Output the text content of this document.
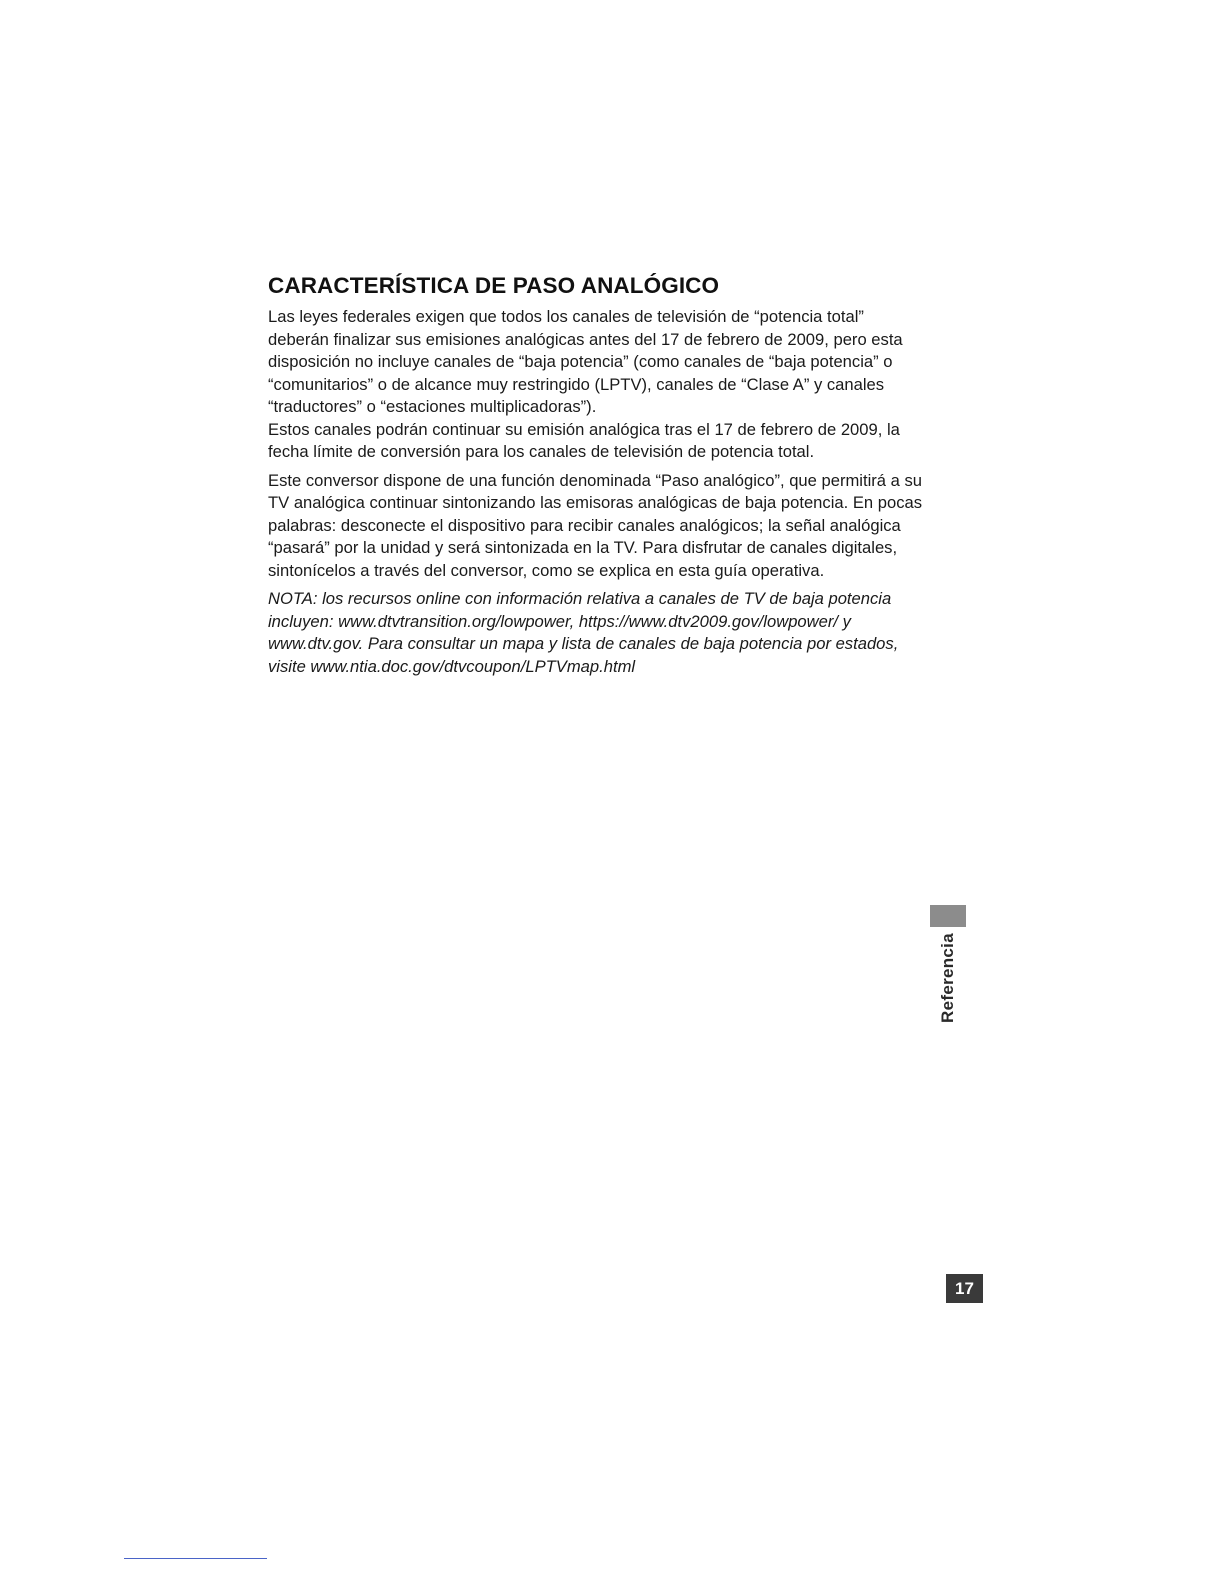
CARACTERÍSTICA DE PASO ANALÓGICO

Las leyes federales exigen que todos los canales de televisión de “potencia total” deberán finalizar sus emisiones analógicas antes del 17 de febrero de 2009, pero esta disposición no incluye canales de “baja potencia” (como canales de “baja potencia” o “comunitarios” o de alcance muy restringido (LPTV), canales de “Clase A” y canales “traductores” o “estaciones multiplicadoras”).

Estos canales podrán continuar su emisión analógica tras el 17 de febrero de 2009, la fecha límite de conversión para los canales de televisión de potencia total.

Este conversor dispone de una función denominada “Paso analógico”, que permitirá a su TV analógica continuar sintonizando las emisoras analógicas de baja potencia. En pocas palabras: desconecte el dispositivo para recibir canales analógicos; la señal analógica “pasará” por la unidad y será sintonizada en la TV. Para disfrutar de canales digitales, sintonícelos a través del conversor, como se explica en esta guía operativa.

NOTA: los recursos online con información relativa a canales de TV de baja potencia incluyen: www.dtvtransition.org/lowpower, https://www.dtv2009.gov/lowpower/ y www.dtv.gov. Para consultar un mapa y lista de canales de baja potencia por estados, visite www.ntia.doc.gov/dtvcoupon/LPTVmap.html

Referencia
17
